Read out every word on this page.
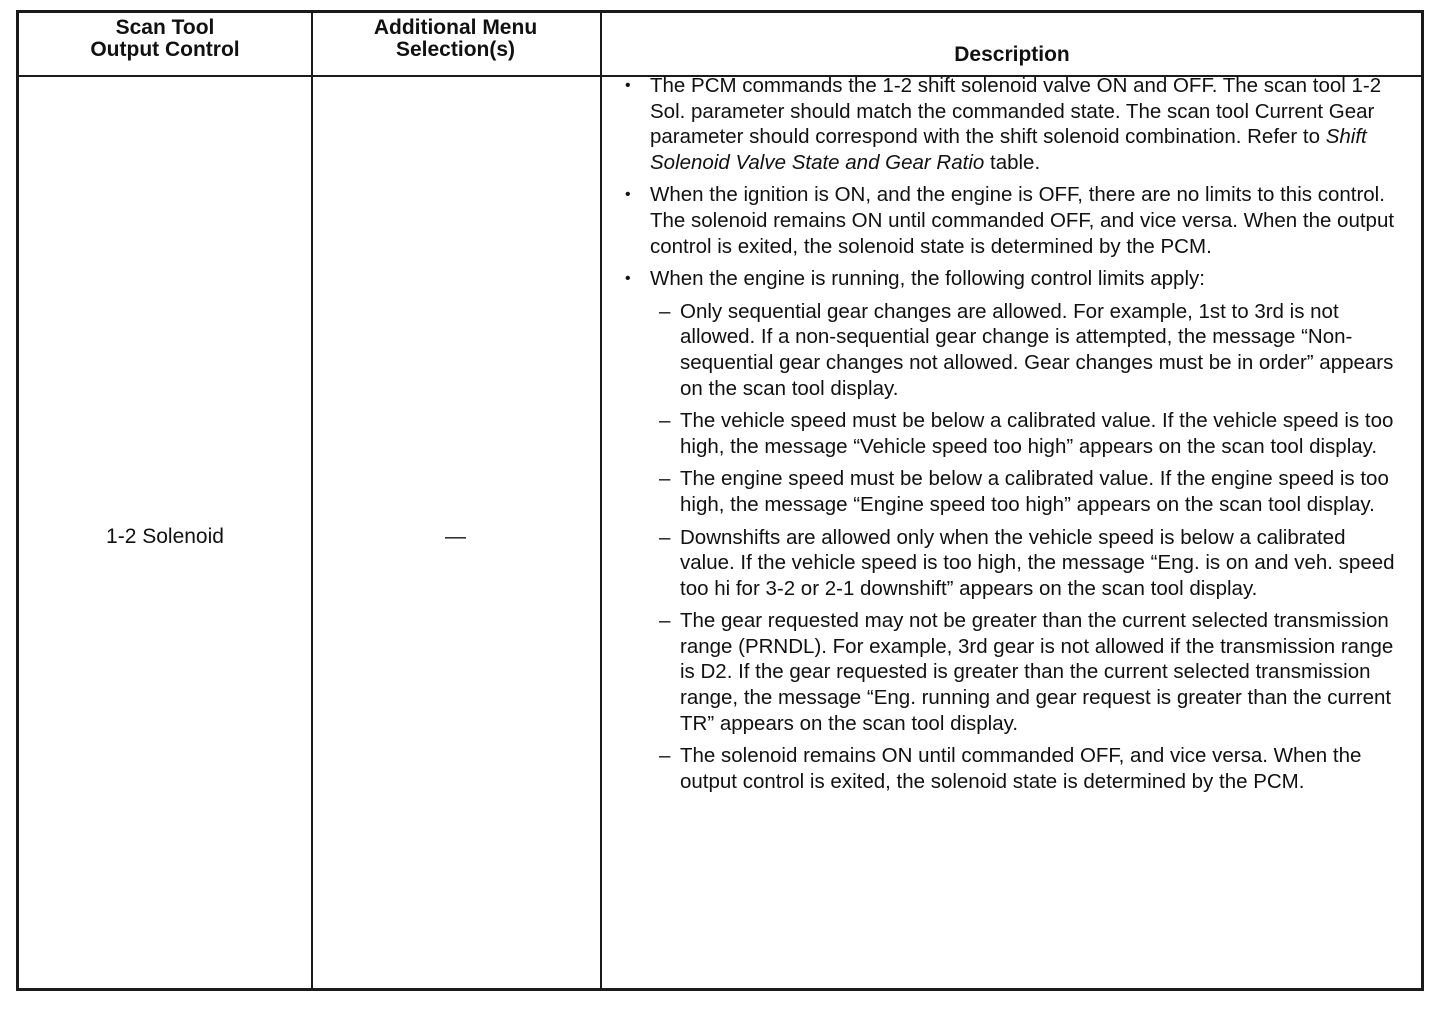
Scan Tool
Output Control
Additional Menu
Selection(s)	Description
1-2 Solenoid	—
• The PCM commands the 1-2 shift solenoid valve ON and OFF. The scan tool 1-2 Sol. parameter should match the commanded state. The scan tool Current Gear parameter should correspond with the shift solenoid combination. Refer to Shift Solenoid Valve State and Gear Ratio table.
• When the ignition is ON, and the engine is OFF, there are no limits to this control. The solenoid remains ON until commanded OFF, and vice versa. When the output control is exited, the solenoid state is determined by the PCM.
• When the engine is running, the following control limits apply:
– Only sequential gear changes are allowed. For example, 1st to 3rd is not allowed. If a non-sequential gear change is attempted, the message “Non-sequential gear changes not allowed. Gear changes must be in order” appears on the scan tool display.
– The vehicle speed must be below a calibrated value. If the vehicle speed is too high, the message “Vehicle speed too high” appears on the scan tool display.
– The engine speed must be below a calibrated value. If the engine speed is too high, the message “Engine speed too high” appears on the scan tool display.
– Downshifts are allowed only when the vehicle speed is below a calibrated value. If the vehicle speed is too high, the message “Eng. is on and veh. speed too hi for 3-2 or 2-1 downshift” appears on the scan tool display.
– The gear requested may not be greater than the current selected transmission range (PRNDL). For example, 3rd gear is not allowed if the transmission range is D2. If the gear requested is greater than the current selected transmission range, the message “Eng. running and gear request is greater than the current TR” appears on the scan tool display.
– The solenoid remains ON until commanded OFF, and vice versa. When the output control is exited, the solenoid state is determined by the PCM.
